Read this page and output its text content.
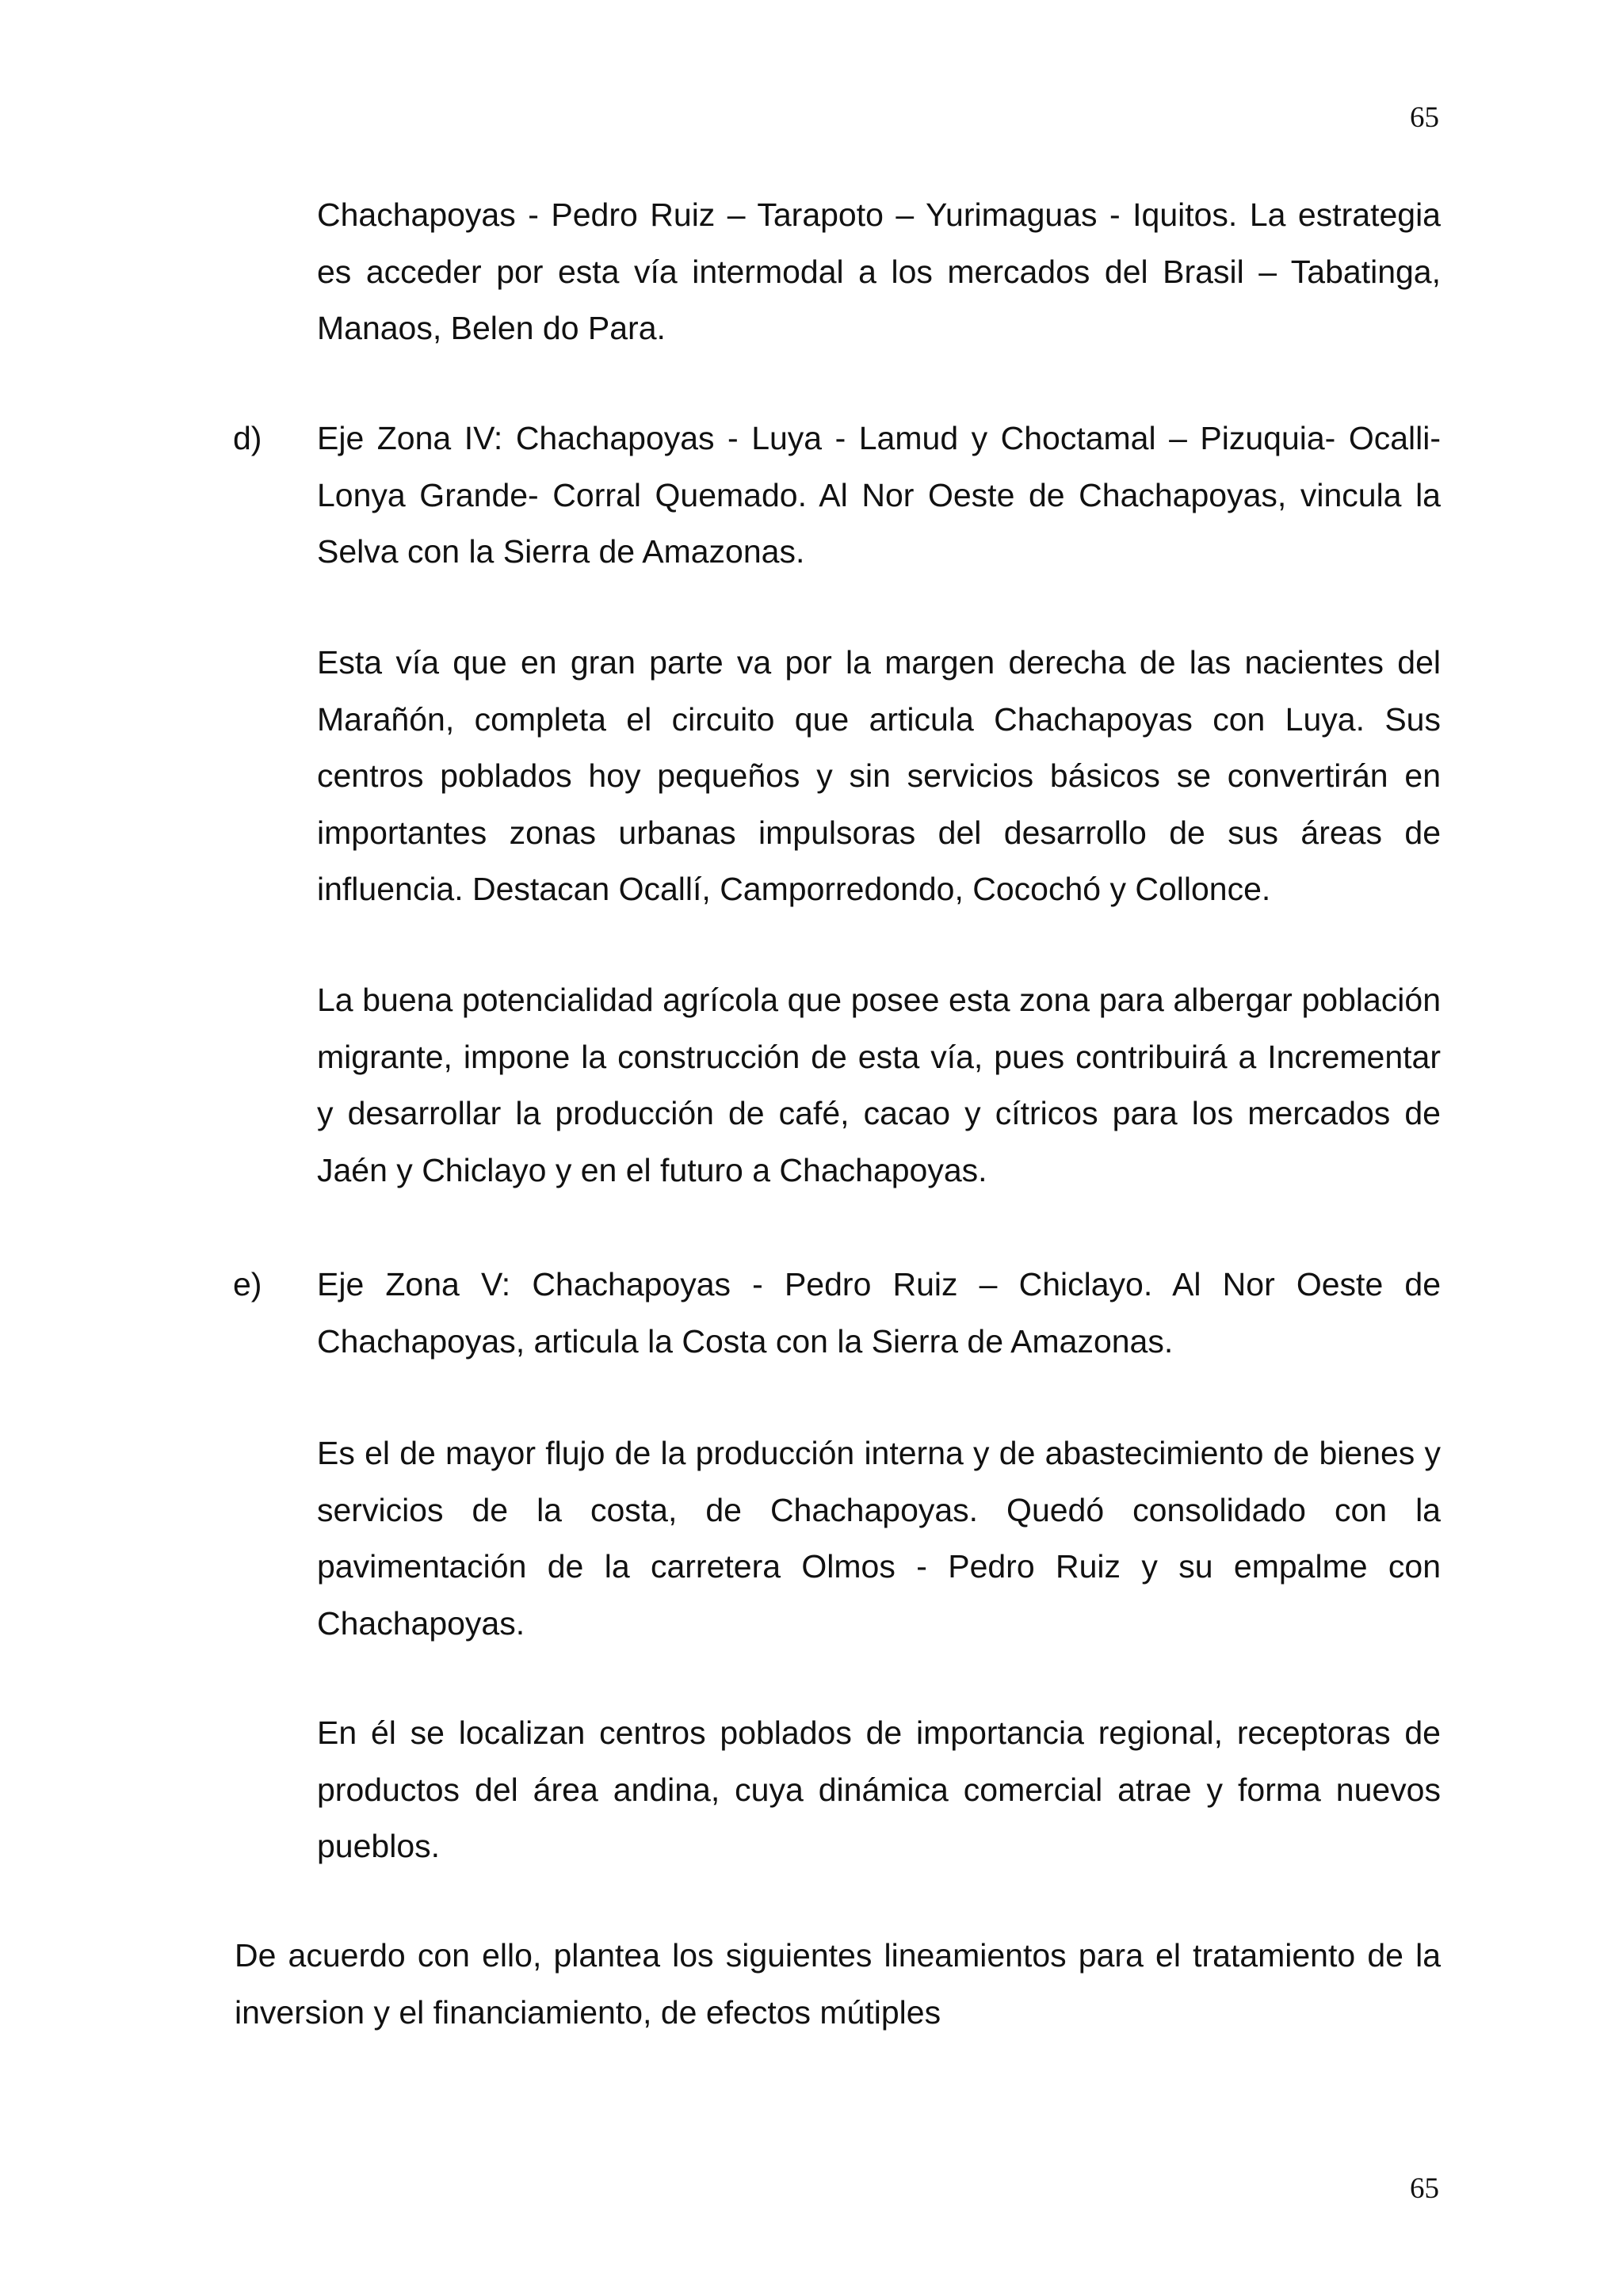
65

Chachapoyas - Pedro Ruiz – Tarapoto – Yurimaguas - Iquitos. La estrategia es acceder por esta vía intermodal a los mercados del Brasil – Tabatinga, Manaos, Belen do Para.

d) Eje Zona IV: Chachapoyas - Luya - Lamud y Choctamal – Pizuquia- Ocalli- Lonya Grande- Corral Quemado. Al Nor Oeste de Chachapoyas, vincula la Selva con la Sierra de Amazonas.

Esta vía que en gran parte va por la margen derecha de las nacientes del Marañón, completa el circuito que articula Chachapoyas con Luya. Sus centros poblados hoy pequeños y sin servicios básicos se convertirán en importantes zonas urbanas impulsoras del desarrollo de sus áreas de influencia. Destacan Ocallí, Camporredondo, Cocochó y Collonce.

La buena potencialidad agrícola que posee esta zona para albergar población migrante, impone la construcción de esta vía, pues contribuirá a Incrementar y desarrollar la producción de café, cacao y cítricos para los mercados de Jaén y Chiclayo y en el futuro a Chachapoyas.

e) Eje Zona V: Chachapoyas - Pedro Ruiz – Chiclayo. Al Nor Oeste de Chachapoyas, articula la Costa con la Sierra de Amazonas.

Es el de mayor flujo de la producción interna y de abastecimiento de bienes y servicios de la costa, de Chachapoyas. Quedó consolidado con la pavimentación de la carretera Olmos - Pedro Ruiz y su empalme con Chachapoyas.

En él se localizan centros poblados de importancia regional, receptoras de productos del área andina, cuya dinámica comercial atrae y forma nuevos pueblos.

De acuerdo con ello, plantea los siguientes lineamientos para el tratamiento de la inversion y el financiamiento, de efectos mútiples

65
